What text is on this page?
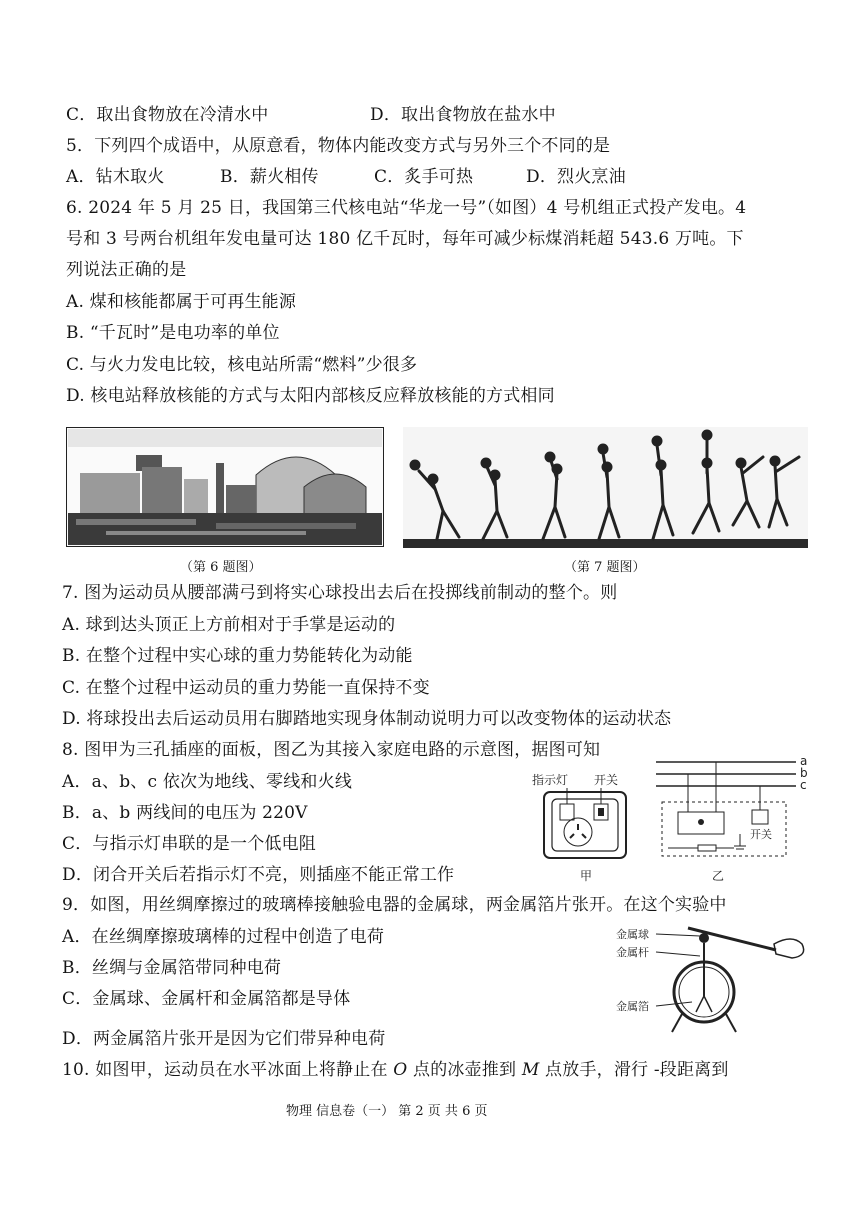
C．取出食物放在冷清水中	D．取出食物放在盐水中
5．下列四个成语中，从原意看，物体内能改变方式与另外三个不同的是
A．钻木取火	B．薪火相传	C．炙手可热	D．烈火烹油
6. 2024 年 5 月 25 日，我国第三代核电站“华龙一号”（如图）4 号机组正式投产发电。4
号和 3 号两台机组年发电量可达 180 亿千瓦时，每年可减少标煤消耗超 543.6 万吨。下
列说法正确的是
A. 煤和核能都属于可再生能源
B. “千瓦时”是电功率的单位
C. 与火力发电比较，核电站所需“燃料”少很多
D. 核电站释放核能的方式与太阳内部核反应释放核能的方式相同
（第 6 题图）	（第 7 题图）
7. 图为运动员从腰部满弓到将实心球投出去后在投掷线前制动的整个。则
A. 球到达头顶正上方前相对于手掌是运动的
B. 在整个过程中实心球的重力势能转化为动能
C. 在整个过程中运动员的重力势能一直保持不变
D. 将球投出去后运动员用右脚踏地实现身体制动说明力可以改变物体的运动状态
8. 图甲为三孔插座的面板，图乙为其接入家庭电路的示意图，据图可知
A．a、b、c 依次为地线、零线和火线
B．a、b 两线间的电压为 220V
C．与指示灯串联的是一个低电阻
D．闭合开关后若指示灯不亮，则插座不能正常工作
指示灯 开关
甲
a
b
c
开关
乙
9．如图，用丝绸摩擦过的玻璃棒接触验电器的金属球，两金属箔片张开。在这个实验中
A．在丝绸摩擦玻璃棒的过程中创造了电荷
B．丝绸与金属箔带同种电荷
C．金属球、金属杆和金属箔都是导体
D．两金属箔片张开是因为它们带异种电荷
金属球
金属杆
金属箔
10. 如图甲，运动员在水平冰面上将静止在 O 点的冰壶推到 M 点放手，滑行 -段距离到
物理 信息卷（一） 第 2 页 共 6 页
